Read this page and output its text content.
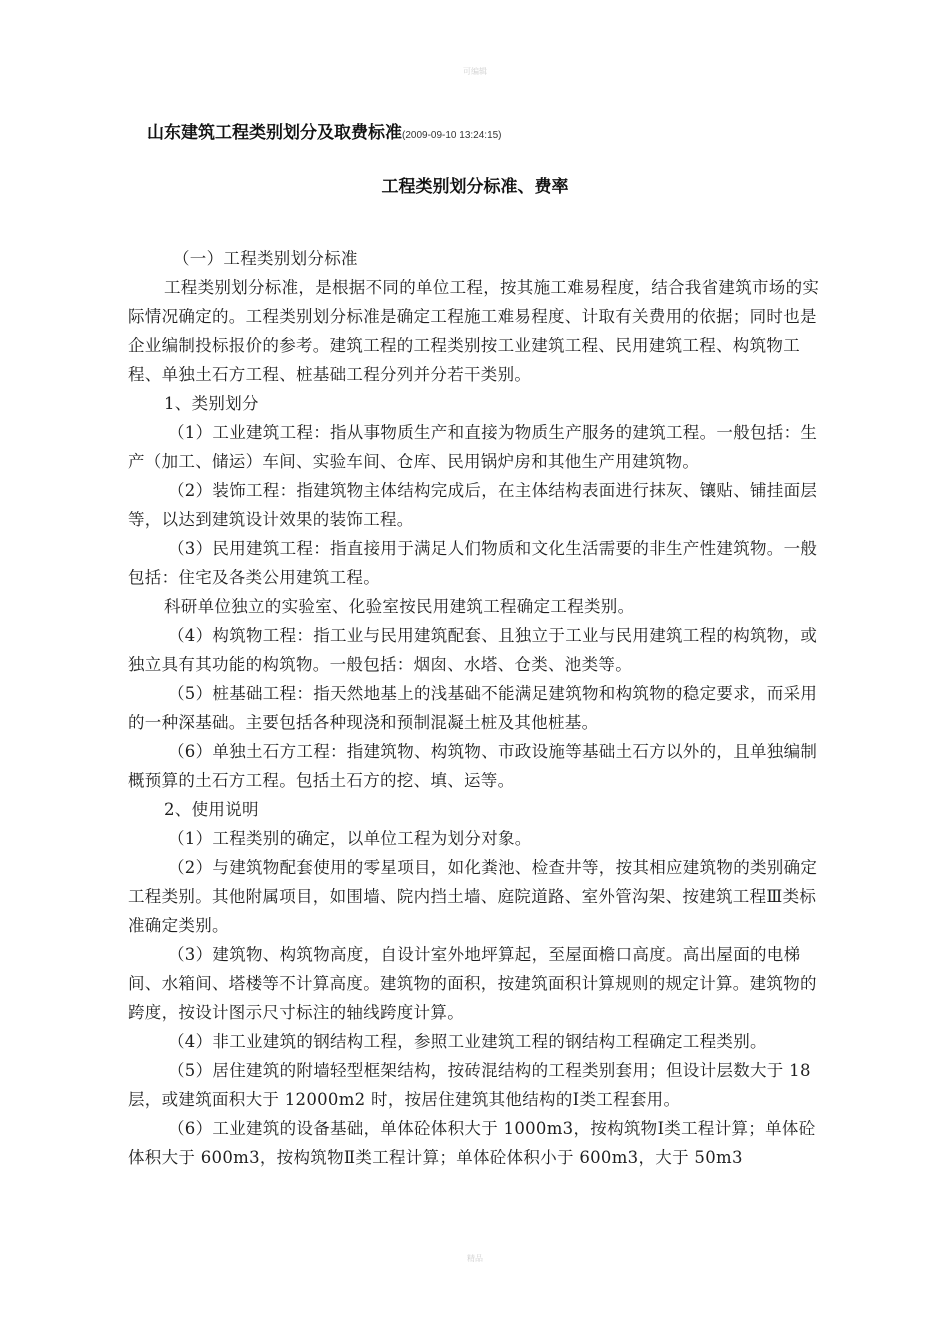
可编辑
山东建筑工程类别划分及取费标准(2009-09-10 13:24:15)
工程类别划分标准、费率

（一）工程类别划分标准

工程类别划分标准，是根据不同的单位工程，按其施工难易程度，结合我省建筑市场的实际情况确定的。工程类别划分标准是确定工程施工难易程度、计取有关费用的依据；同时也是企业编制投标报价的参考。建筑工程的工程类别按工业建筑工程、民用建筑工程、构筑物工程、单独土石方工程、桩基础工程分列并分若干类别。

1、类别划分

（1）工业建筑工程：指从事物质生产和直接为物质生产服务的建筑工程。一般包括：生产（加工、储运）车间、实验车间、仓库、民用锅炉房和其他生产用建筑物。

（2）装饰工程：指建筑物主体结构完成后，在主体结构表面进行抹灰、镶贴、铺挂面层等，以达到建筑设计效果的装饰工程。

（3）民用建筑工程：指直接用于满足人们物质和文化生活需要的非生产性建筑物。一般包括：住宅及各类公用建筑工程。

科研单位独立的实验室、化验室按民用建筑工程确定工程类别。

（4）构筑物工程：指工业与民用建筑配套、且独立于工业与民用建筑工程的构筑物，或独立具有其功能的构筑物。一般包括：烟囱、水塔、仓类、池类等。

（5）桩基础工程：指天然地基上的浅基础不能满足建筑物和构筑物的稳定要求，而采用的一种深基础。主要包括各种现浇和预制混凝土桩及其他桩基。

（6）单独土石方工程：指建筑物、构筑物、市政设施等基础土石方以外的，且单独编制概预算的土石方工程。包括土石方的挖、填、运等。

2、使用说明

（1）工程类别的确定，以单位工程为划分对象。

（2）与建筑物配套使用的零星项目，如化粪池、检查井等，按其相应建筑物的类别确定工程类别。其他附属项目，如围墙、院内挡土墙、庭院道路、室外管沟架、按建筑工程Ⅲ类标准确定类别。

（3）建筑物、构筑物高度，自设计室外地坪算起，至屋面檐口高度。高出屋面的电梯间、水箱间、塔楼等不计算高度。建筑物的面积，按建筑面积计算规则的规定计算。建筑物的跨度，按设计图示尺寸标注的轴线跨度计算。

（4）非工业建筑的钢结构工程，参照工业建筑工程的钢结构工程确定工程类别。

（5）居住建筑的附墙轻型框架结构，按砖混结构的工程类别套用；但设计层数大于 18 层，或建筑面积大于 12000m2 时，按居住建筑其他结构的Ⅰ类工程套用。

（6）工业建筑的设备基础，单体砼体积大于 1000m3，按构筑物Ⅰ类工程计算；单体砼体积大于 600m3，按构筑物Ⅱ类工程计算；单体砼体积小于 600m3，大于 50m3

精品
